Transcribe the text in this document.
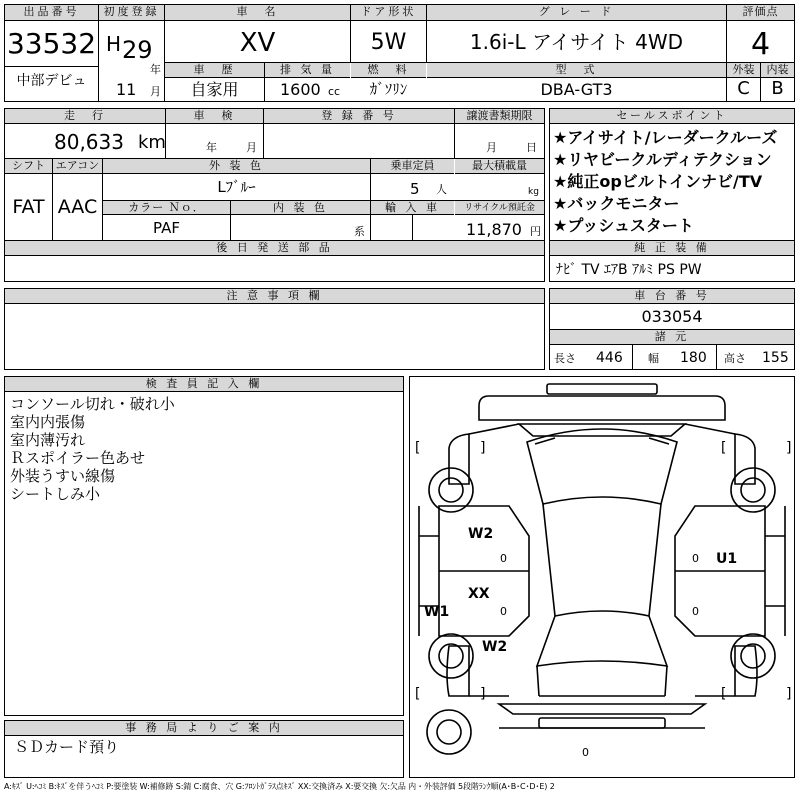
出品番号
33532
中部デビュ
初度登録
H 29
年
11 月
車　名
XV
ドア形状
5W
グ レ ー ド
1.6i-L アイサイト 4WD
評価点
4
車　歴
自家用
排 気 量
1600 cc
燃　料
ｶﾞｿﾘﾝ
型　式
DBA-GT3
外装	内装
C	B
走　行
80,633 km
車　検
年	月
登 録 番 号	譲渡書類期限
月	日
シフト エアコン
FAT AAC
外 装 色
Lﾌﾞﾙｰ
乗車定員
5 人
最大積載量
kg
カラー Ｎｏ．
PAF
内 装 色
系
輸 入 車	リサイクル預託金
11,870 円
後 日 発 送 部 品
セールスポイント
★アイサイト/レーダークルーズ
★リヤビークルディテクション
★純正opビルトインナビ/TV
★バックモニター
★プッシュスタート
純 正 装 備
ﾅﾋﾞ TV ｴｱB ｱﾙﾐ PS PW
注 意 事 項 欄	車 台 番 号
033054
諸 元
長さ 446 幅 180 高さ 155
検 査 員 記 入 欄
コンソール切れ・破れ小
室内内張傷
室内薄汚れ
Ｒスポイラー色あせ
外装うすい線傷
シートしみ小
事 務 局 よ り ご 案 内
ＳＤカード預り
[	]	[	]
[	]	[	]
W2
XX
W2
W1
U1
0
0
0
0
0
A:ｷｽﾞ U:ﾍｺﾐ B:ｷｽﾞを伴うﾍｺﾐ P:要塗装 W:補修跡 S:錆 C:腐食、穴 G:ﾌﾛﾝﾄｶﾞﾗｽ点ｷｽﾞ XX:交換済み X:要交換 欠:欠品 内・外装評価 5段階ﾗﾝｸ順(A･B･C･D･E) 2
